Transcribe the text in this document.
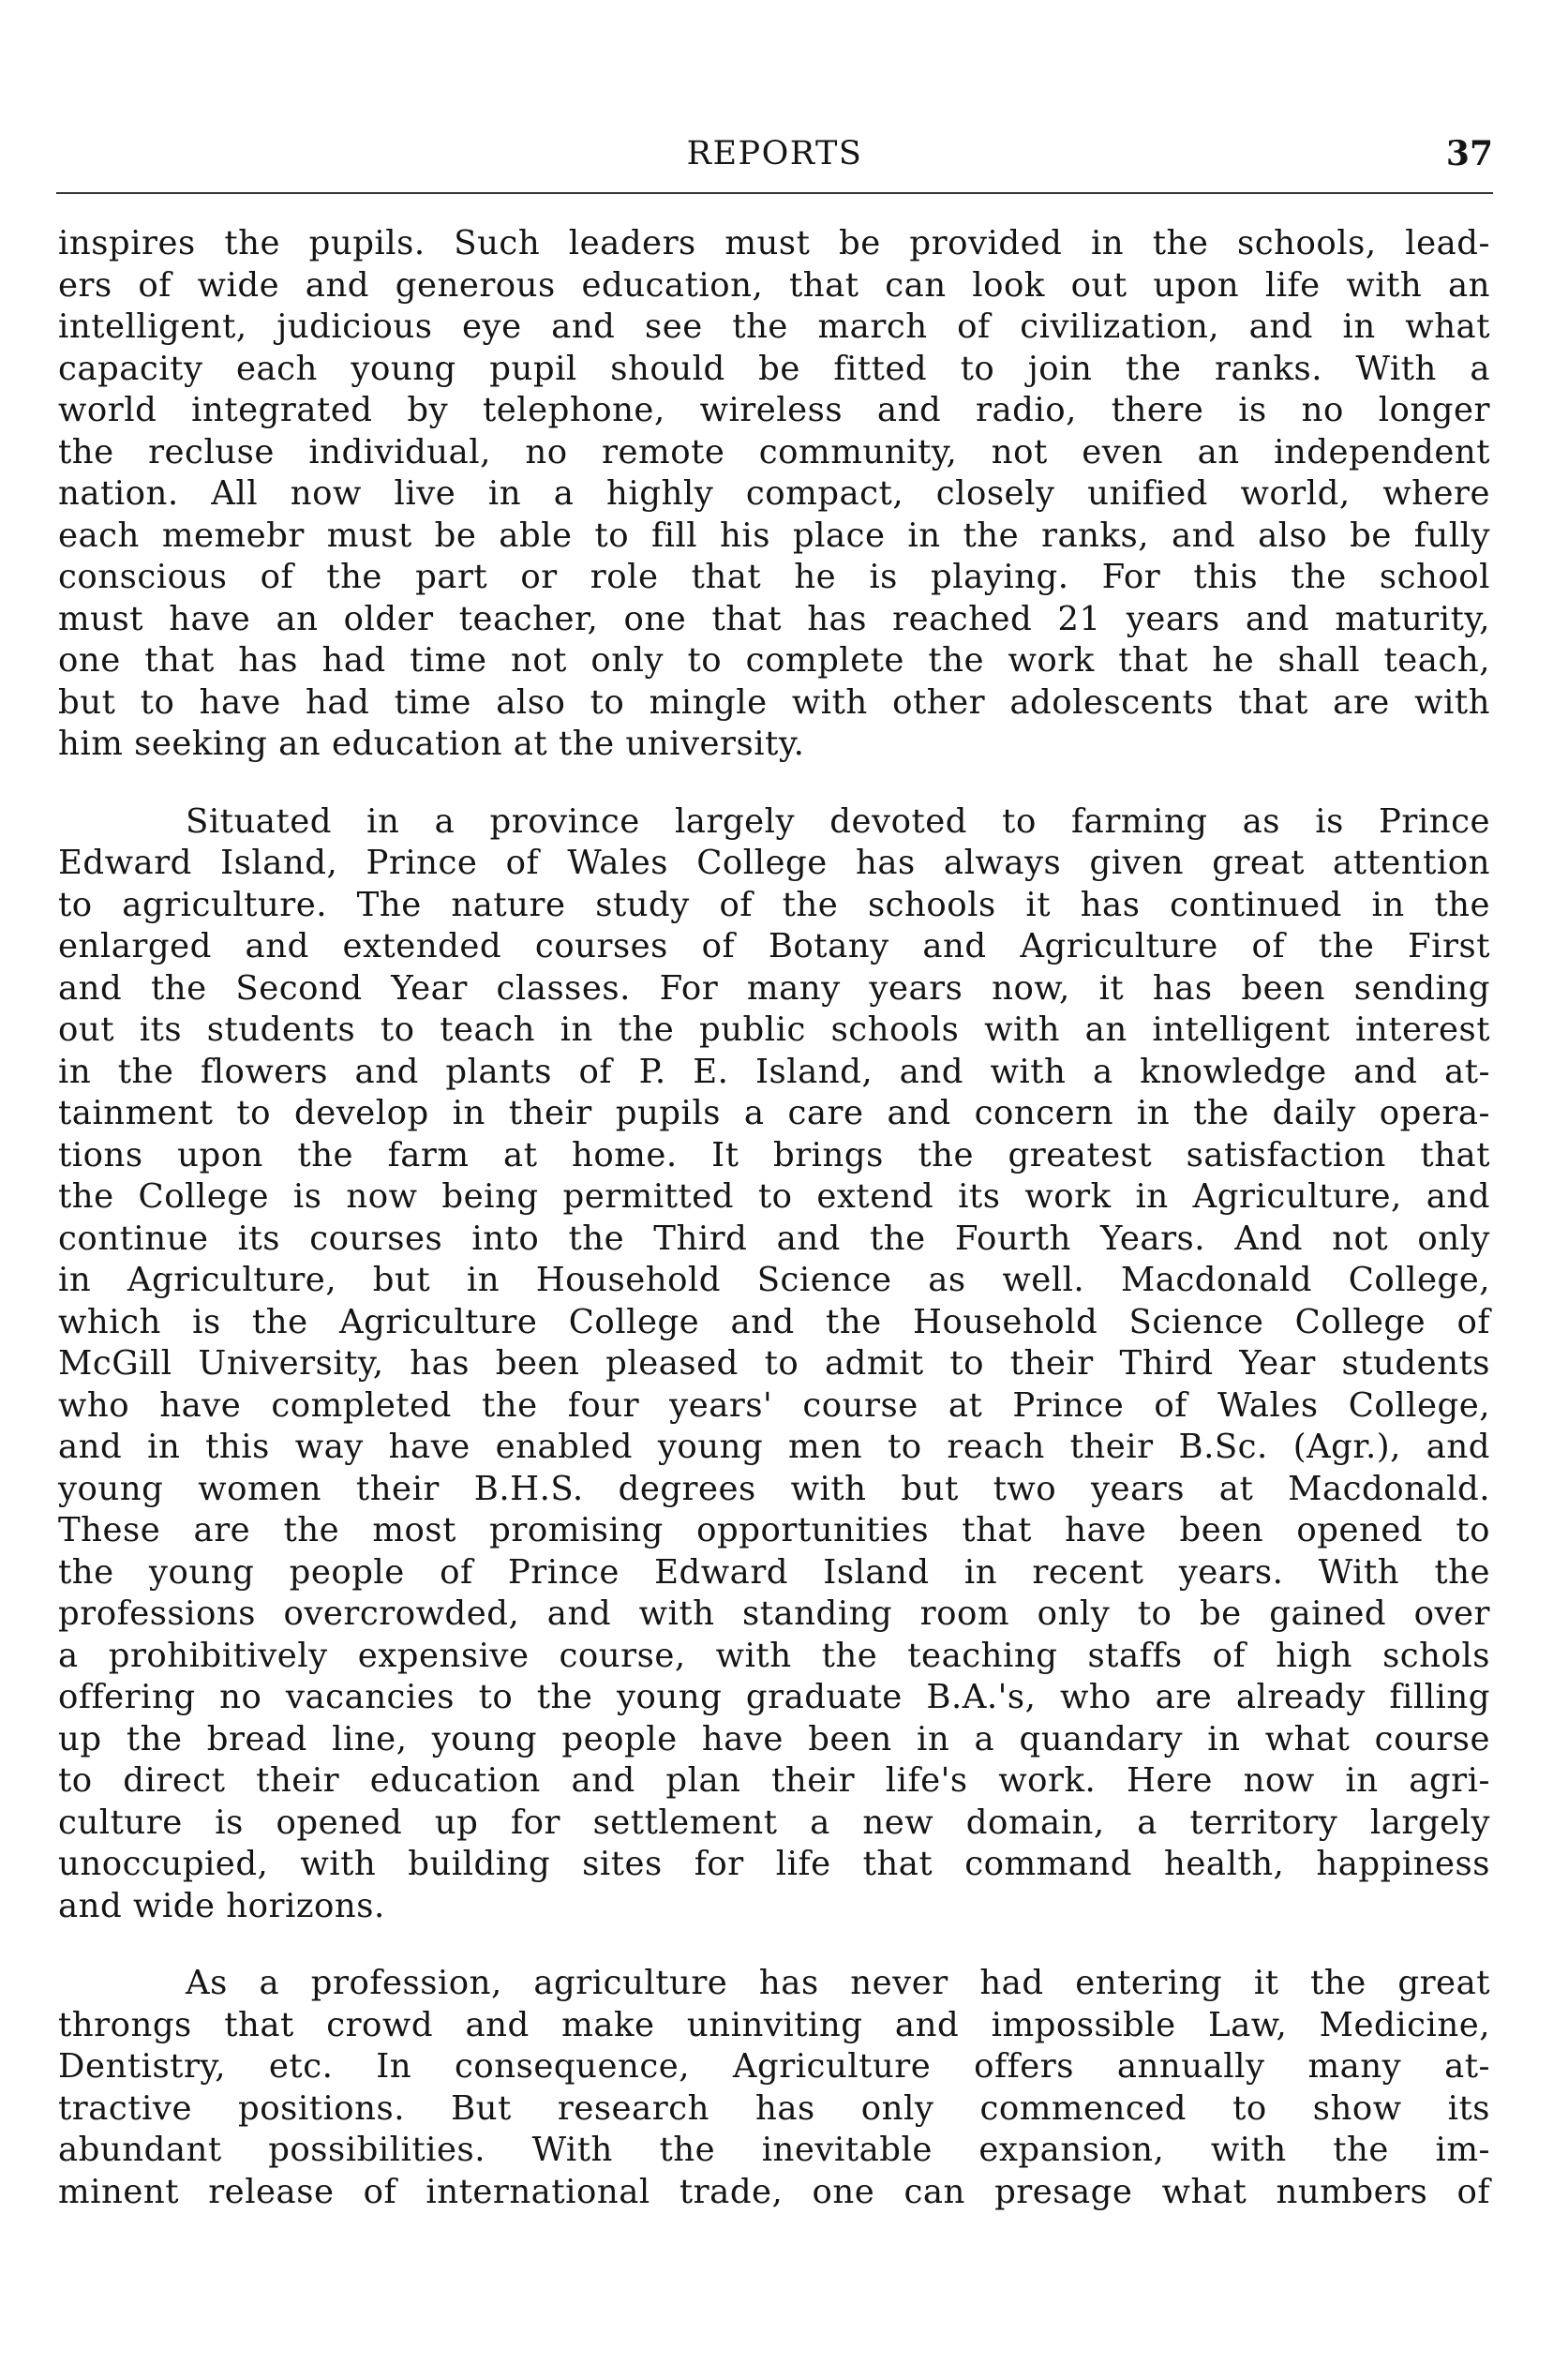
REPORTS	37
inspires the pupils. Such leaders must be provided in the schools, lead-
ers of wide and generous education, that can look out upon life with an
intelligent, judicious eye and see the march of civilization, and in what
capacity each young pupil should be fitted to join the ranks. With a
world integrated by telephone, wireless and radio, there is no longer
the recluse individual, no remote community, not even an independent
nation. All now live in a highly compact, closely unified world, where
each memebr must be able to fill his place in the ranks, and also be fully
conscious of the part or role that he is playing. For this the school
must have an older teacher, one that has reached 21 years and maturity,
one that has had time not only to complete the work that he shall teach,
but to have had time also to mingle with other adolescents that are with
him seeking an education at the university.
Situated in a province largely devoted to farming as is Prince
Edward Island, Prince of Wales College has always given great attention
to agriculture. The nature study of the schools it has continued in the
enlarged and extended courses of Botany and Agriculture of the First
and the Second Year classes. For many years now, it has been sending
out its students to teach in the public schools with an intelligent interest
in the flowers and plants of P. E. Island, and with a knowledge and at-
tainment to develop in their pupils a care and concern in the daily opera-
tions upon the farm at home. It brings the greatest satisfaction that
the College is now being permitted to extend its work in Agriculture, and
continue its courses into the Third and the Fourth Years. And not only
in Agriculture, but in Household Science as well. Macdonald College,
which is the Agriculture College and the Household Science College of
McGill University, has been pleased to admit to their Third Year students
who have completed the four years' course at Prince of Wales College,
and in this way have enabled young men to reach their B.Sc. (Agr.), and
young women their B.H.S. degrees with but two years at Macdonald.
These are the most promising opportunities that have been opened to
the young people of Prince Edward Island in recent years. With the
professions overcrowded, and with standing room only to be gained over
a prohibitively expensive course, with the teaching staffs of high schols
offering no vacancies to the young graduate B.A.'s, who are already filling
up the bread line, young people have been in a quandary in what course
to direct their education and plan their life's work. Here now in agri-
culture is opened up for settlement a new domain, a territory largely
unoccupied, with building sites for life that command health, happiness
and wide horizons.
As a profession, agriculture has never had entering it the great
throngs that crowd and make uninviting and impossible Law, Medicine,
Dentistry, etc. In consequence, Agriculture offers annually many at-
tractive positions. But research has only commenced to show its
abundant possibilities. With the inevitable expansion, with the im-
minent release of international trade, one can presage what numbers of
